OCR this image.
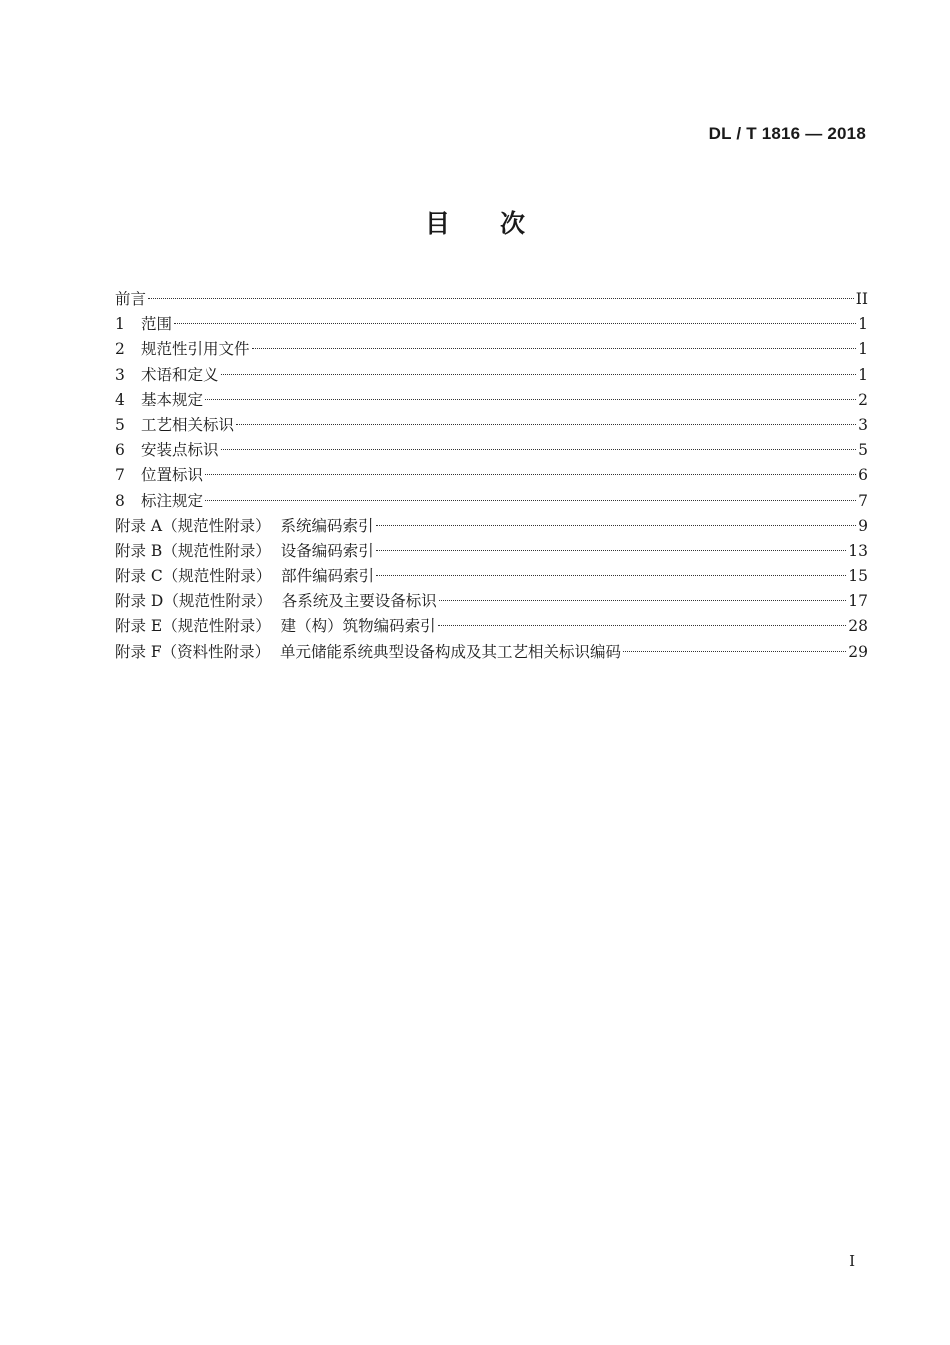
DL / T 1816 — 2018
目次
前言	II
1	范围	1
2	规范性引用文件	1
3	术语和定义	1
4	基本规定	2
5	工艺相关标识	3
6	安装点标识	5
7	位置标识	6
8	标注规定	7
附录 A（规范性附录） 系统编码索引	9
附录 B（规范性附录） 设备编码索引	13
附录 C（规范性附录） 部件编码索引	15
附录 D（规范性附录） 各系统及主要设备标识	17
附录 E（规范性附录） 建（构）筑物编码索引	28
附录 F（资料性附录） 单元储能系统典型设备构成及其工艺相关标识编码	29
I
